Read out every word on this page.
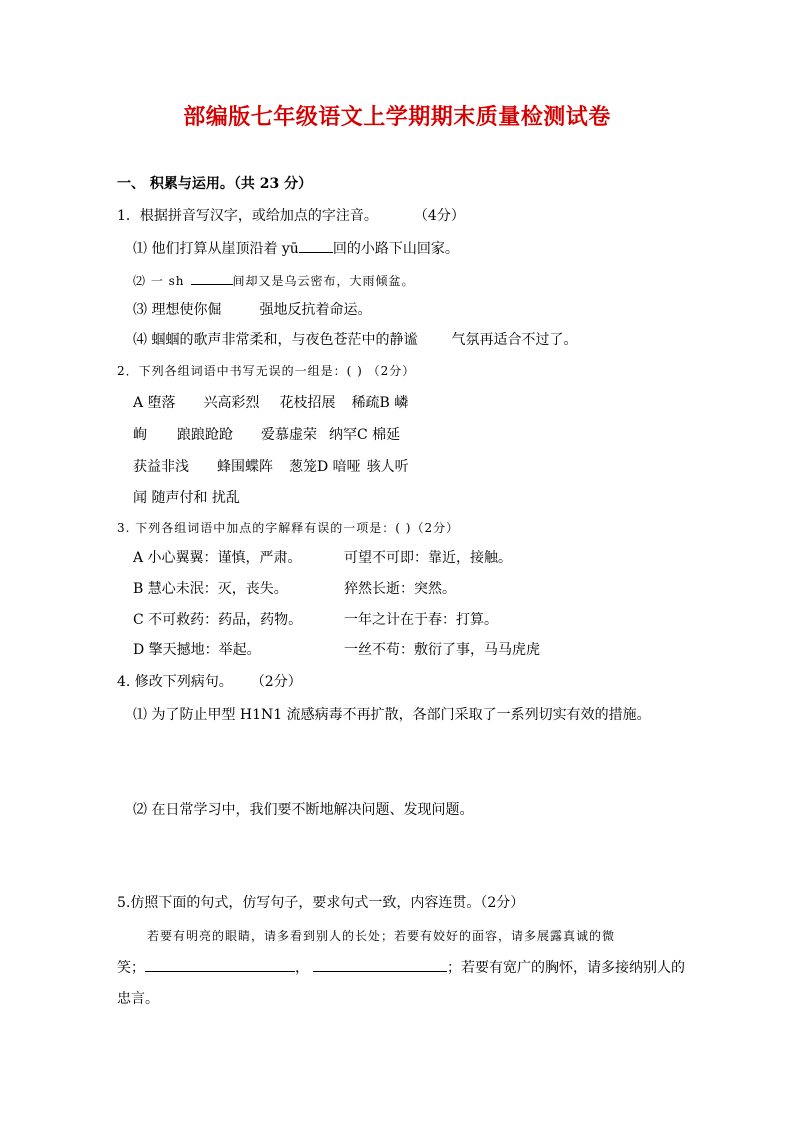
部编版七年级语文上学期期末质量检测试卷
一、 积累与运用。（共 23 分）
1．根据拼音写汉字，或给加点的字注音。	（4分）
⑴ 他们打算从崖顶沿着 yū 回的小路下山回家。
⑵ 一 sh	间却又是乌云密布，大雨倾盆。
⑶ 理想使你倔	强地反抗着命运。
⑷ 蝈蝈的歌声非常柔和，与夜色苍茫中的静谧 气氛再适合不过了。
2．下列各组词语中书写无误的一组是：( ) （2分）
A 堕落 兴高彩烈 花枝招展 稀疏B 嶙
峋 踉踉跄跄 爱慕虚荣 纳罕C 棉延
获益非浅 蜂围蝶阵 葱笼D 喑哑 骇人听
闻 随声付和 扰乱
3. 下列各组词语中加点的字解释有误的一项是：( )（2分）
A 小心翼翼：谨慎，严肃。	可望不可即：靠近，接触。
B 慧心未泯：灭，丧失。	猝然长逝：突然。
C 不可救药：药品，药物。	一年之计在于春：打算。
D 擎天撼地：举起。	一丝不苟：敷衍了事，马马虎虎
4. 修改下列病句。 （2分）
⑴ 为了防止甲型 H1N1 流感病毒不再扩散，各部门采取了一系列切实有效的措施。
⑵ 在日常学习中，我们要不断地解决问题、发现问题。
5.仿照下面的句式，仿写句子，要求句式一致，内容连贯。（2分）
若要有明亮的眼睛，请多看到别人的长处；若要有姣好的面容，请多展露真诚的微
笑；	，	；若要有宽广的胸怀，请多接纳别人的
忠言。
